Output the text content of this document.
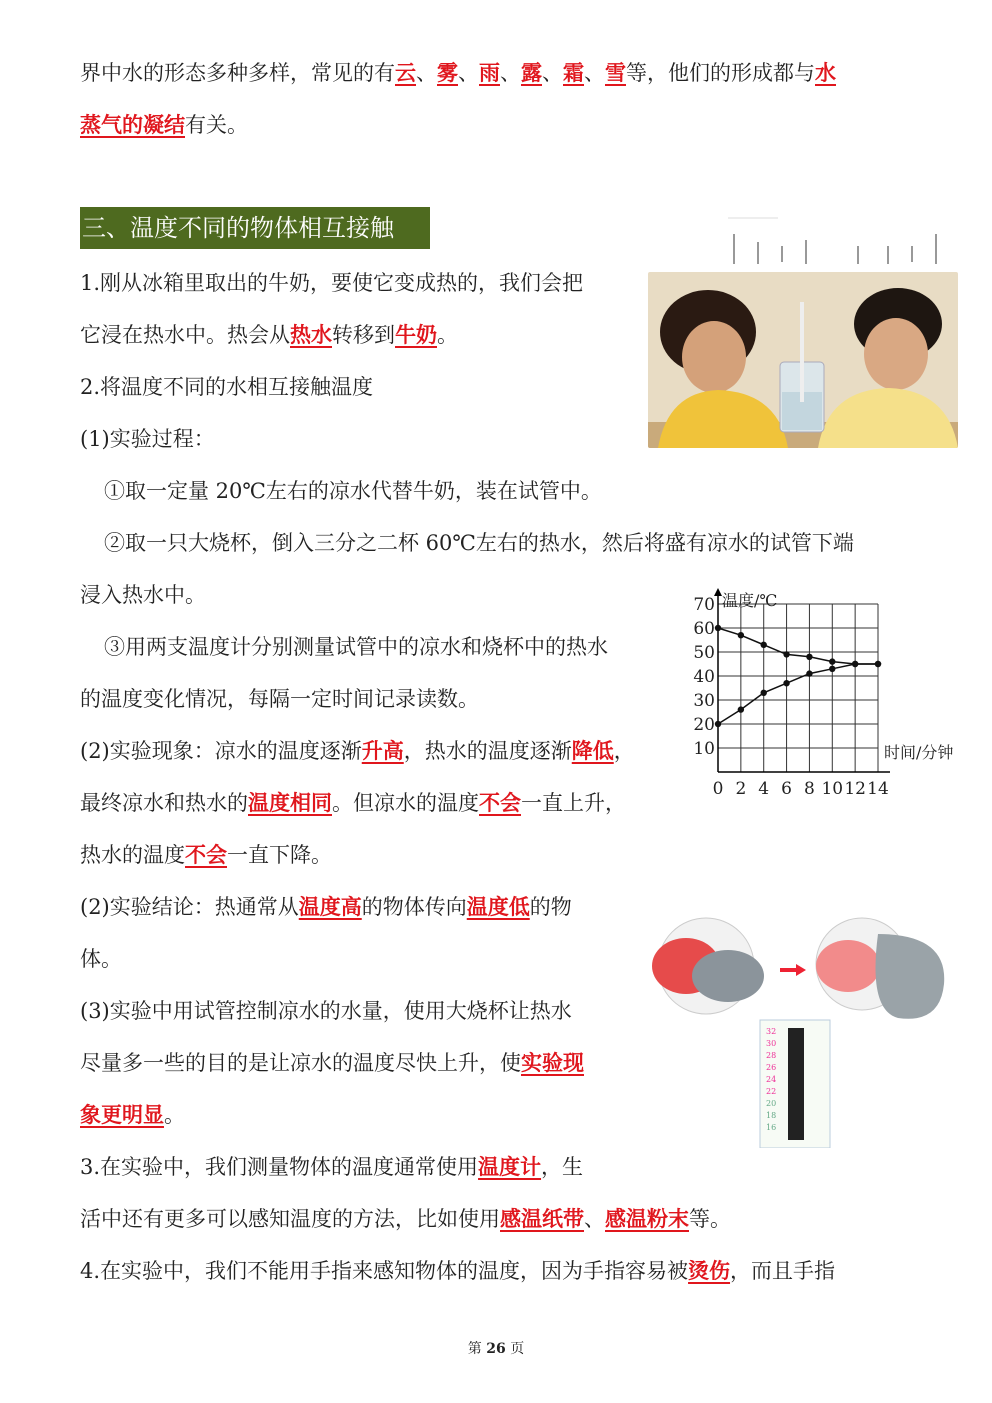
界中水的形态多种多样，常见的有云、雾、雨、露、霜、雪等，他们的形成都与水
蒸气的凝结有关。
三、温度不同的物体相互接触
1.刚从冰箱里取出的牛奶，要使它变成热的，我们会把
它浸在热水中。热会从热水转移到牛奶。
2.将温度不同的水相互接触温度
(1)实验过程：
①取一定量 20℃左右的凉水代替牛奶，装在试管中。
②取一只大烧杯，倒入三分之二杯 60℃左右的热水，然后将盛有凉水的试管下端
浸入热水中。
③用两支温度计分别测量试管中的凉水和烧杯中的热水
的温度变化情况，每隔一定时间记录读数。
(2)实验现象：凉水的温度逐渐升高，热水的温度逐渐降低，
最终凉水和热水的温度相同。但凉水的温度不会一直上升，
热水的温度不会一直下降。
(2)实验结论：热通常从温度高的物体传向温度低的物
体。
(3)实验中用试管控制凉水的水量，使用大烧杯让热水
尽量多一些的目的是让凉水的温度尽快上升，使实验现
象更明显。
3.在实验中，我们测量物体的温度通常使用温度计，生
活中还有更多可以感知温度的方法，比如使用感温纸带、感温粉末等。
4.在实验中，我们不能用手指来感知物体的温度，因为手指容易被烫伤，而且手指
10
20
30
40
50
60
70
0 2 4 6 8 10 12 14
温度/℃
时间/分钟
32
30
28
26
24
22
20
18
16
第 26 页
